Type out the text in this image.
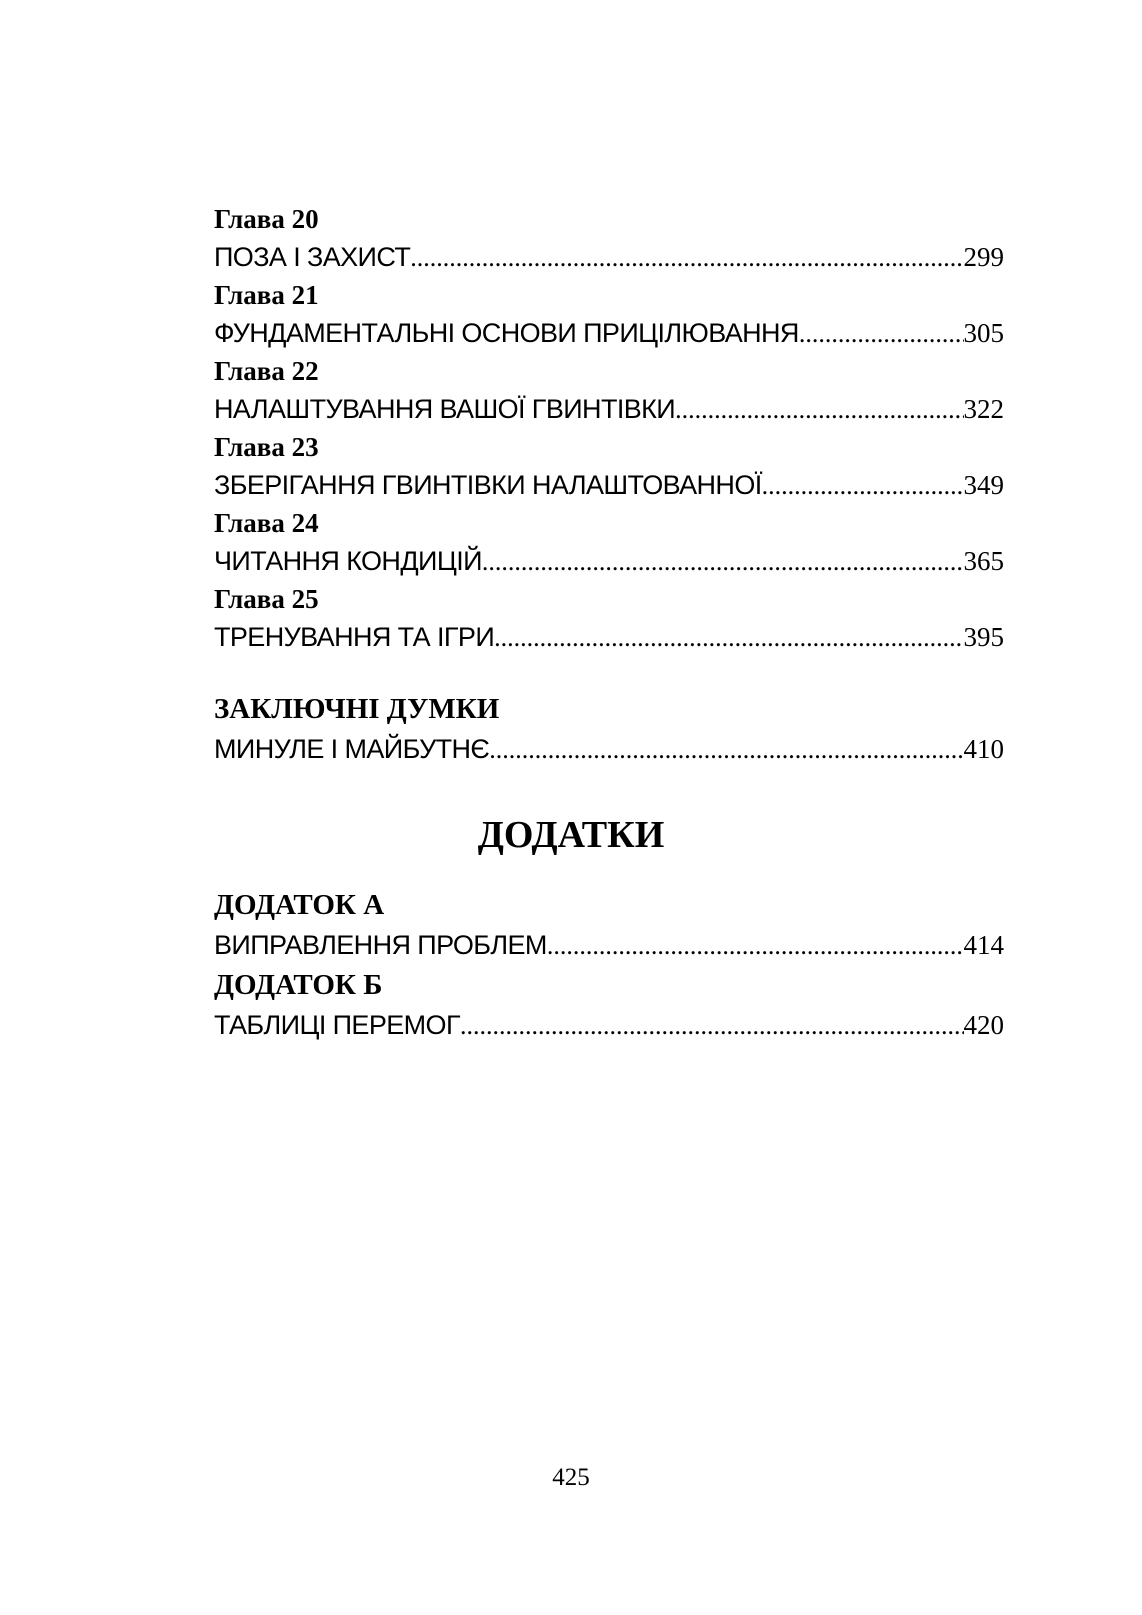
Глава 20
ПОЗА І ЗАХИСТ .....	299
Глава 21
ФУНДАМЕНТАЛЬНІ ОСНОВИ ПРИЦІЛЮВАННЯ .....	305
Глава 22
НАЛАШТУВАННЯ ВАШОЇ ГВИНТІВКИ .....	322
Глава 23
ЗБЕРІГАННЯ ГВИНТІВКИ НАЛАШТОВАННОЇ .....	349
Глава 24
ЧИТАННЯ КОНДИЦІЙ .....	365
Глава 25
ТРЕНУВАННЯ ТА ІГРИ .....	395
ЗАКЛЮЧНІ ДУМКИ
МИНУЛЕ І МАЙБУТНЄ .....	410
ДОДАТКИ
ДОДАТОК А
ВИПРАВЛЕННЯ ПРОБЛЕМ .....	414
ДОДАТОК Б
ТАБЛИЦІ ПЕРЕМОГ .....	420
425
